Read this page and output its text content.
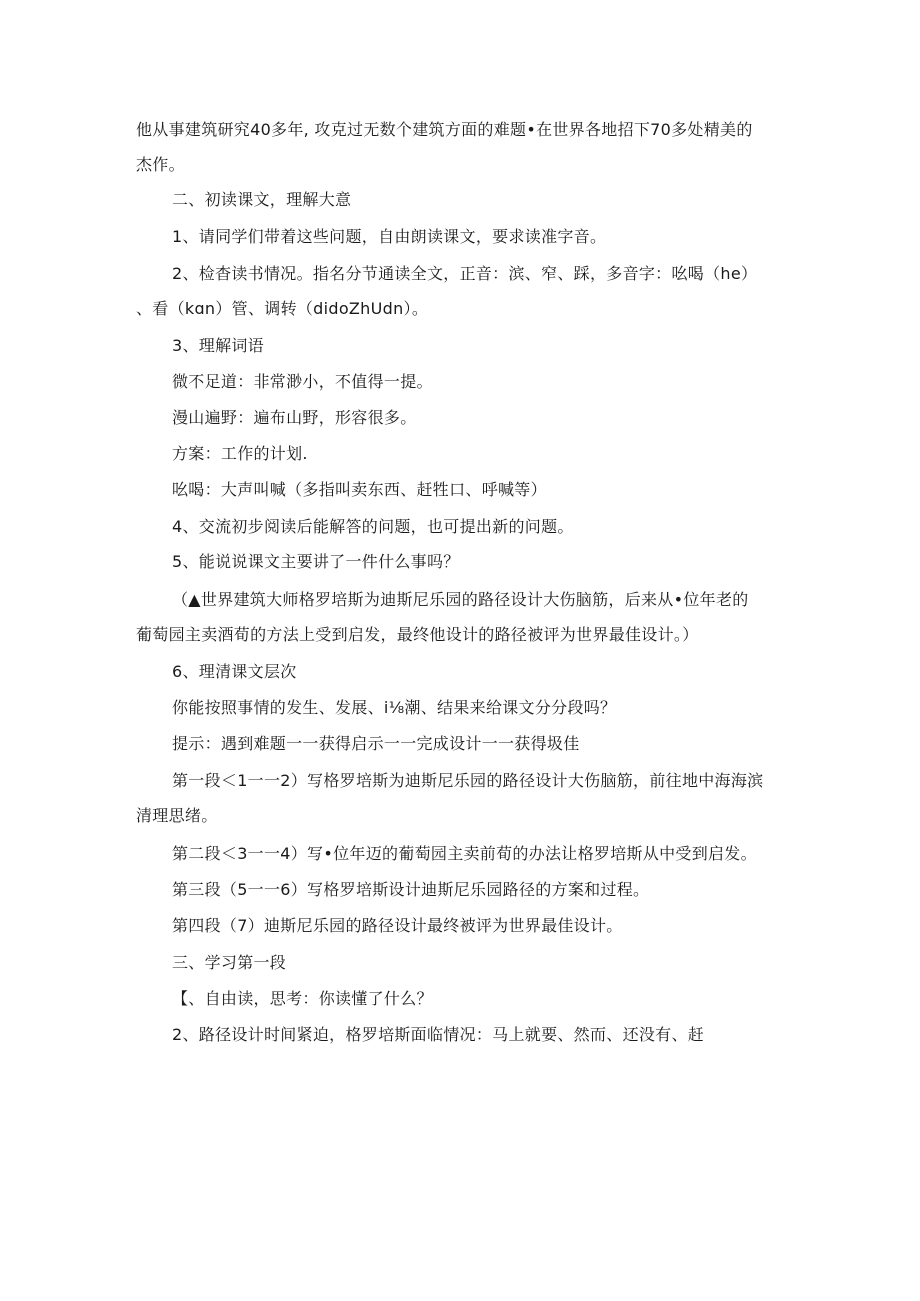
他从事建筑研究40多年, 攻克过无数个建筑方面的难题•在世界各地招下70多处精美的
杰作。
二、初读课文，理解大意
1、请同学们带着这些问题，自由朗读课文，要求读准字音。
2、检杳读书情况。指名分节通读全文，正音：滨、窄、踩，多音字：吆喝（he）
、看（kɑn）管、调转（didoZhUdn）。
3、理解词语
微不足道：非常渺小，不值得一提。
漫山遍野：遍布山野，形容很多。
方案：工作的计划.
吆喝：大声叫喊（多指叫卖东西、赶牲口、呼喊等）
4、交流初步阅读后能解答的问题，也可提出新的问题。
5、能说说课文主要讲了一件什么事吗？
（▲世界建筑大师格罗培斯为迪斯尼乐园的路径设计大伤脑筋，后来从•位年老的
葡萄园主卖酒荀的方法上受到启发，最终他设计的路径被评为世界最佳设计。）
6、理清课文层次
你能按照事情的发生、发展、i⅛潮、结果来给课文分分段吗？
提示：遇到难题一一获得启示一一完成设计一一获得圾佳
第一段＜1一一2）写格罗培斯为迪斯尼乐园的路径设计大伤脑筋，前往地中海海滨
清理思绪。
第二段＜3一一4）写•位年迈的葡萄园主卖前荀的办法让格罗培斯从中受到启发。
第三段（5一一6）写格罗培斯设计迪斯尼乐园路径的方案和过程。
第四段（7）迪斯尼乐园的路径设计最终被评为世界最佳设计。
三、学习第一段
【、自由读，思考：你读懂了什么？
2、路径设计时间紧迫，格罗培斯面临情况：马上就要、然而、还没有、赶
